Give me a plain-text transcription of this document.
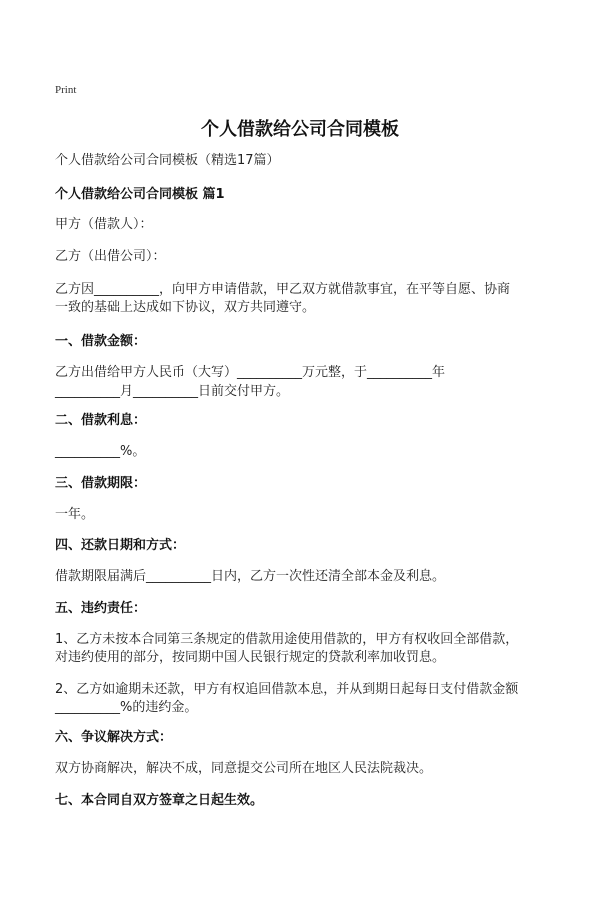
Print
个人借款给公司合同模板
个人借款给公司合同模板（精选17篇）
个人借款给公司合同模板 篇1
甲方（借款人）：
乙方（出借公司）：
乙方因__________，向甲方申请借款，甲乙双方就借款事宜，在平等自愿、协商
一致的基础上达成如下协议，双方共同遵守。
一、借款金额：
乙方出借给甲方人民币（大写）__________万元整，于__________年
__________月__________日前交付甲方。
二、借款利息：
__________%。
三、借款期限：
一年。
四、还款日期和方式：
借款期限届满后__________日内，乙方一次性还清全部本金及利息。
五、违约责任：
1、乙方未按本合同第三条规定的借款用途使用借款的，甲方有权收回全部借款，
对违约使用的部分，按同期中国人民银行规定的贷款利率加收罚息。
2、乙方如逾期未还款，甲方有权追回借款本息，并从到期日起每日支付借款金额
__________%的违约金。
六、争议解决方式：
双方协商解决，解决不成，同意提交公司所在地区人民法院裁决。
七、本合同自双方签章之日起生效。
